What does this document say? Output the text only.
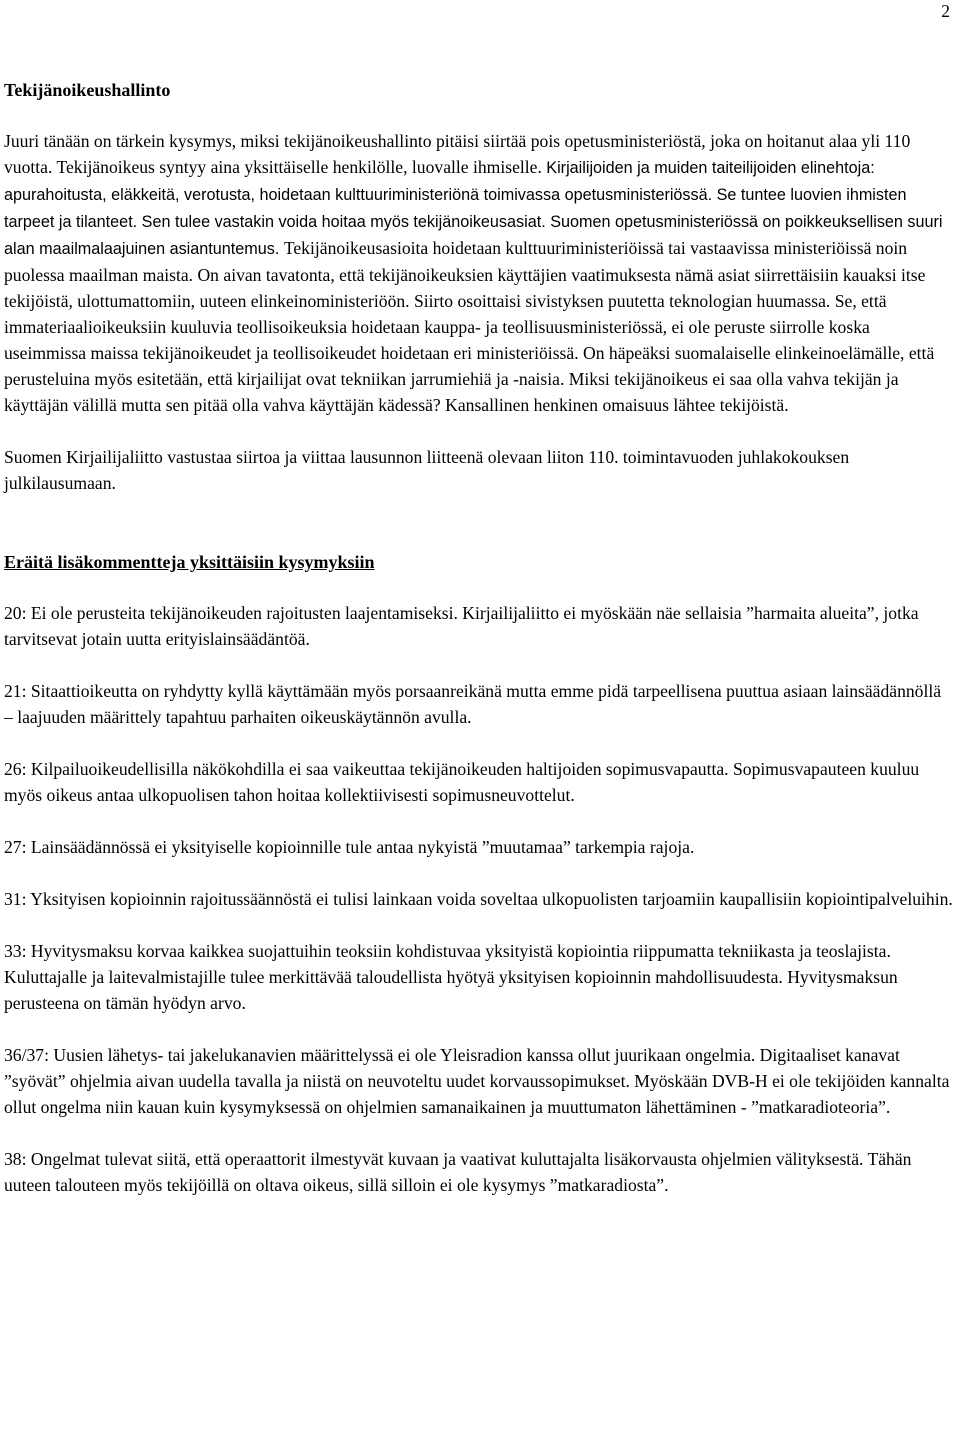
2
Tekijänoikeushallinto

Juuri tänään on tärkein kysymys, miksi tekijänoikeushallinto pitäisi siirtää pois opetusministeriöstä, joka on hoitanut alaa yli 110 vuotta. Tekijänoikeus syntyy aina yksittäiselle henkilölle, luovalle ihmiselle. Kirjailijoiden ja muiden taiteilijoiden elinehtoja: apurahoitusta, eläkkeitä, verotusta, hoidetaan kulttuuriministeriönä toimivassa opetusministeriössä. Se tuntee luovien ihmisten tarpeet ja tilanteet. Sen tulee vastakin voida hoitaa myös tekijänoikeusasiat. Suomen opetusministeriössä on poikkeuksellisen suuri alan maailmalaajuinen asiantuntemus. Tekijänoikeusasioita hoidetaan kulttuuriministeriöissä tai vastaavissa ministeriöissä noin puolessa maailman maista. On aivan tavatonta, että tekijänoikeuksien käyttäjien vaatimuksesta nämä asiat siirrettäisiin kauaksi itse tekijöistä, ulottumattomiin, uuteen elinkeinoministeriöön. Siirto osoittaisi sivistyksen puutetta teknologian huumassa. Se, että immateriaalioikeuksiin kuuluvia teollisoikeuksia hoidetaan kauppa- ja teollisuusministeriössä, ei ole peruste siirrolle koska useimmissa maissa tekijänoikeudet ja teollisoikeudet hoidetaan eri ministeriöissä. On häpeäksi suomalaiselle elinkeinoelämälle, että perusteluina myös esitetään, että kirjailijat ovat tekniikan jarrumiehiä ja -naisia. Miksi tekijänoikeus ei saa olla vahva tekijän ja käyttäjän välillä mutta sen pitää olla vahva käyttäjän kädessä? Kansallinen henkinen omaisuus lähtee tekijöistä.

Suomen Kirjailijaliitto vastustaa siirtoa ja viittaa lausunnon liitteenä olevaan liiton 110. toimintavuoden juhlakokouksen julkilausumaan.

Eräitä lisäkommentteja yksittäisiin kysymyksiin

20: Ei ole perusteita tekijänoikeuden rajoitusten laajentamiseksi. Kirjailijaliitto ei myöskään näe sellaisia ”harmaita alueita”, jotka tarvitsevat jotain uutta erityislainsäädäntöä.

21: Sitaattioikeutta on ryhdytty kyllä käyttämään myös porsaanreikänä mutta emme pidä tarpeellisena puuttua asiaan lainsäädännöllä – laajuuden määrittely tapahtuu parhaiten oikeuskäytännön avulla.

26: Kilpailuoikeudellisilla näkökohdilla ei saa vaikeuttaa tekijänoikeuden haltijoiden sopimusvapautta. Sopimusvapauteen kuuluu myös oikeus antaa ulkopuolisen tahon hoitaa kollektiivisesti sopimusneuvottelut.

27: Lainsäädännössä ei yksityiselle kopioinnille tule antaa nykyistä ”muutamaa” tarkempia rajoja.

31: Yksityisen kopioinnin rajoitussäännöstä ei tulisi lainkaan voida soveltaa ulkopuolisten tarjoamiin kaupallisiin kopiointipalveluihin.

33: Hyvitysmaksu korvaa kaikkea suojattuihin teoksiin kohdistuvaa yksityistä kopiointia riippumatta tekniikasta ja teoslajista. Kuluttajalle ja laitevalmistajille tulee merkittävää taloudellista hyötyä yksityisen kopioinnin mahdollisuudesta. Hyvitysmaksun perusteena on tämän hyödyn arvo.

36/37: Uusien lähetys- tai jakelukanavien määrittelyssä ei ole Yleisradion kanssa ollut juurikaan ongelmia. Digitaaliset kanavat ”syövät” ohjelmia aivan uudella tavalla ja niistä on neuvoteltu uudet korvaussopimukset. Myöskään DVB-H ei ole tekijöiden kannalta ollut ongelma niin kauan kuin kysymyksessä on ohjelmien samanaikainen ja muuttumaton lähettäminen - ”matkaradioteoria”.

38: Ongelmat tulevat siitä, että operaattorit ilmestyvät kuvaan ja vaativat kuluttajalta lisäkorvausta ohjelmien välityksestä. Tähän uuteen talouteen myös tekijöillä on oltava oikeus, sillä silloin ei ole kysymys ”matkaradiosta”.
